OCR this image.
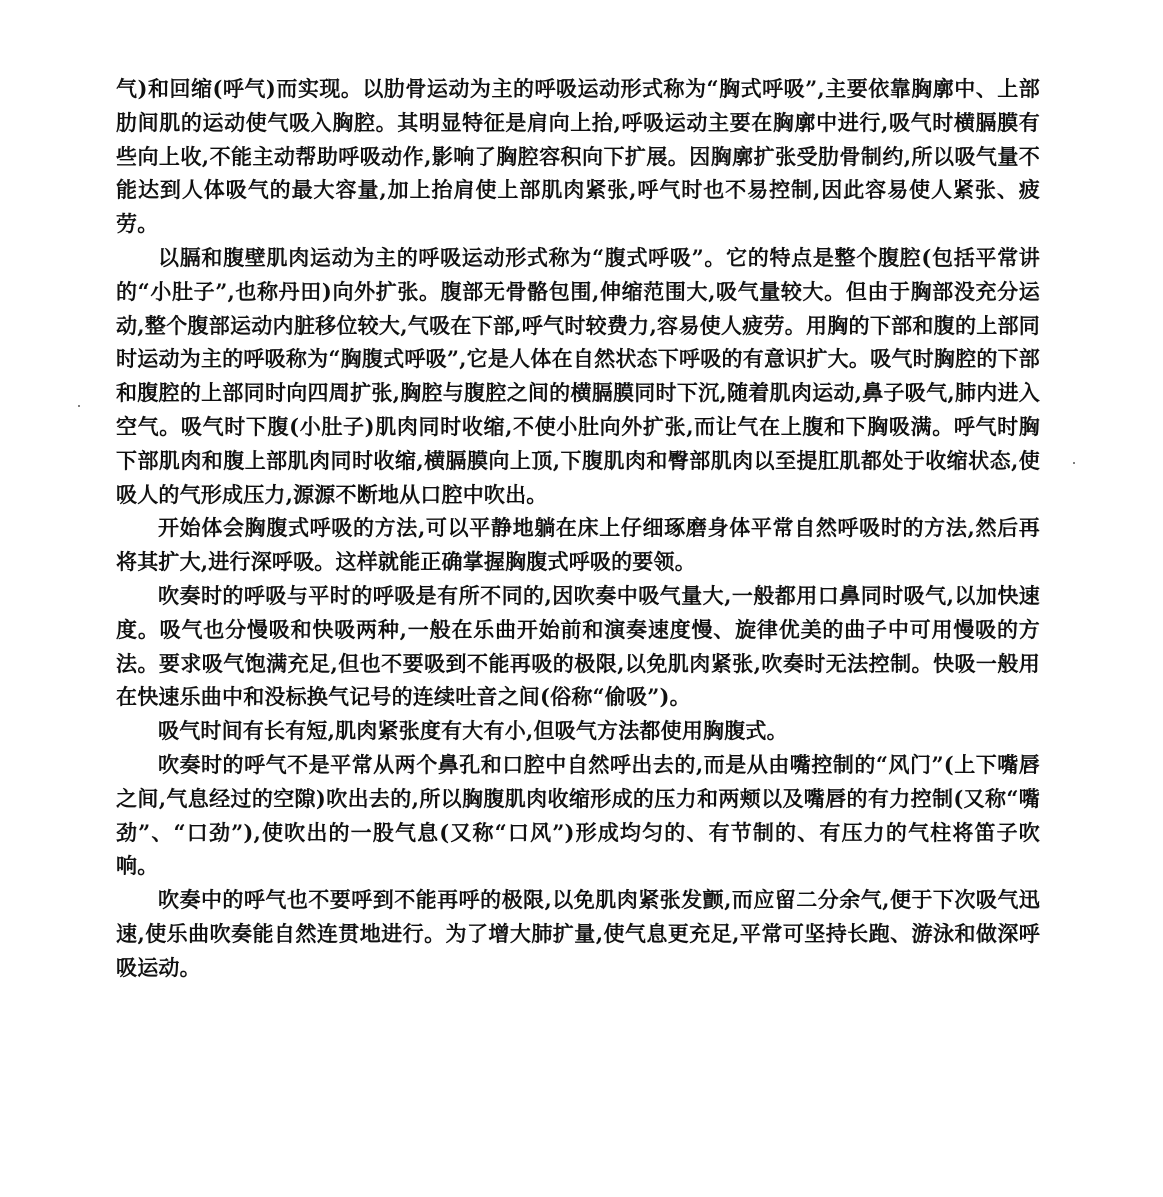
气)和回缩(呼气)而实现。以肋骨运动为主的呼吸运动形式称为“胸式呼吸”,主要依靠胸廓中、上部肋间肌的运动使气吸入胸腔。其明显特征是肩向上抬,呼吸运动主要在胸廓中进行,吸气时横膈膜有些向上收,不能主动帮助呼吸动作,影响了胸腔容积向下扩展。因胸廓扩张受肋骨制约,所以吸气量不能达到人体吸气的最大容量,加上抬肩使上部肌肉紧张,呼气时也不易控制,因此容易使人紧张、疲劳。

以膈和腹壁肌肉运动为主的呼吸运动形式称为“腹式呼吸”。它的特点是整个腹腔(包括平常讲的“小肚子”,也称丹田)向外扩张。腹部无骨骼包围,伸缩范围大,吸气量较大。但由于胸部没充分运动,整个腹部运动内脏移位较大,气吸在下部,呼气时较费力,容易使人疲劳。用胸的下部和腹的上部同时运动为主的呼吸称为“胸腹式呼吸”,它是人体在自然状态下呼吸的有意识扩大。吸气时胸腔的下部和腹腔的上部同时向四周扩张,胸腔与腹腔之间的横膈膜同时下沉,随着肌肉运动,鼻子吸气,肺内进入空气。吸气时下腹(小肚子)肌肉同时收缩,不使小肚向外扩张,而让气在上腹和下胸吸满。呼气时胸下部肌肉和腹上部肌肉同时收缩,横膈膜向上顶,下腹肌肉和臀部肌肉以至提肛肌都处于收缩状态,使吸人的气形成压力,源源不断地从口腔中吹出。

开始体会胸腹式呼吸的方法,可以平静地躺在床上仔细琢磨身体平常自然呼吸时的方法,然后再将其扩大,进行深呼吸。这样就能正确掌握胸腹式呼吸的要领。

吹奏时的呼吸与平时的呼吸是有所不同的,因吹奏中吸气量大,一般都用口鼻同时吸气,以加快速度。吸气也分慢吸和快吸两种,一般在乐曲开始前和演奏速度慢、旋律优美的曲子中可用慢吸的方法。要求吸气饱满充足,但也不要吸到不能再吸的极限,以免肌肉紧张,吹奏时无法控制。快吸一般用在快速乐曲中和没标换气记号的连续吐音之间(俗称“偷吸”)。

吸气时间有长有短,肌肉紧张度有大有小,但吸气方法都使用胸腹式。

吹奏时的呼气不是平常从两个鼻孔和口腔中自然呼出去的,而是从由嘴控制的“风门”(上下嘴唇之间,气息经过的空隙)吹出去的,所以胸腹肌肉收缩形成的压力和两颊以及嘴唇的有力控制(又称“嘴劲”、“口劲”),使吹出的一股气息(又称“口风”)形成均匀的、有节制的、有压力的气柱将笛子吹响。

吹奏中的呼气也不要呼到不能再呼的极限,以免肌肉紧张发颤,而应留二分余气,便于下次吸气迅速,使乐曲吹奏能自然连贯地进行。为了增大肺扩量,使气息更充足,平常可坚持长跑、游泳和做深呼吸运动。
